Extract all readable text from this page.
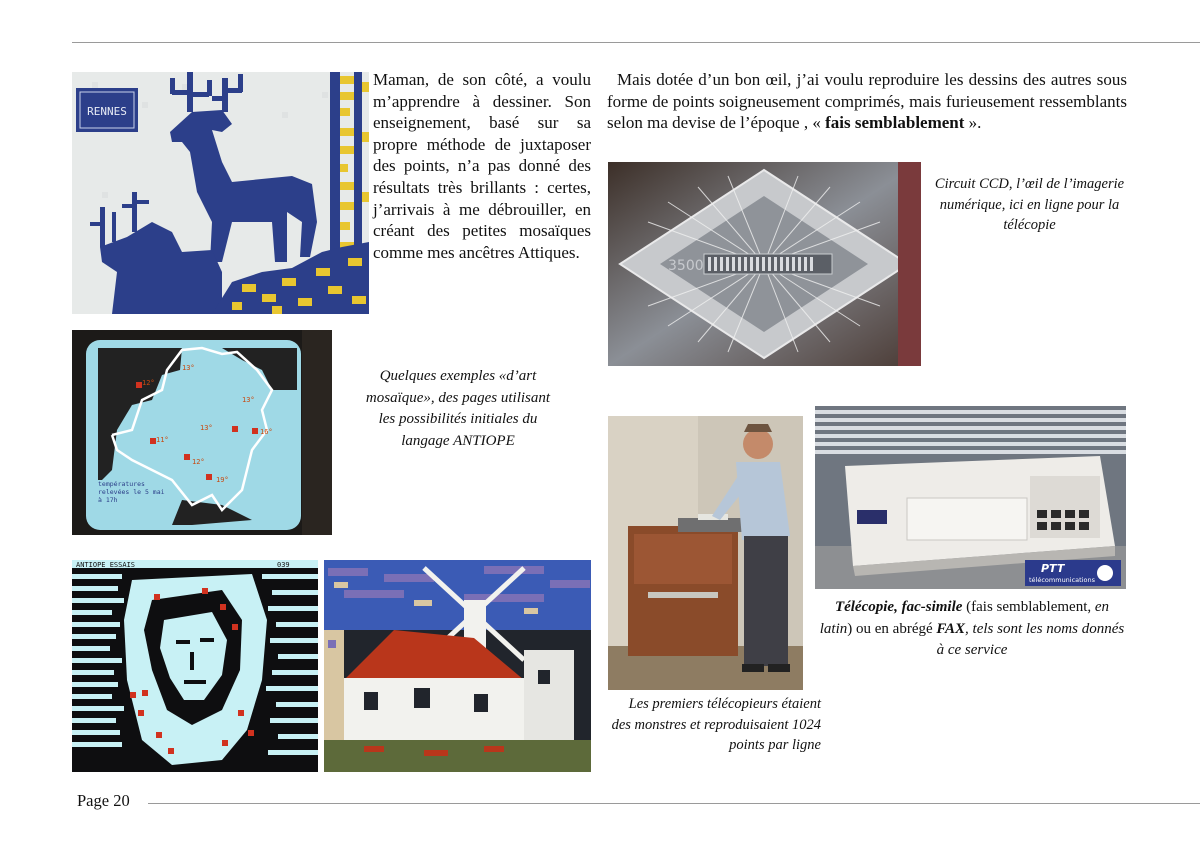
RENNES
Maman, de son côté, a voulu m’apprendre à dessiner. Son enseignement, basé sur sa propre méthode de juxtaposer des points, n’a pas donné des résultats très brillants : certes, j’arrivais à me débrouiller, en créant des petites mosaïques comme mes ancêtres Attiques.
12°
13°
13°
13°
11°
16°
12°
19°
températures
relevées le 5 mai
à 17h
Quelques exemples «d’art mosaïque», des pages utilisant les possibilités initiales du langage ANTIOPE
ANTIOPE ESSAIS	039
Mais dotée d’un bon œil, j’ai voulu reproduire les dessins des autres sous forme de points soigneusement comprimés, mais furieusement ressemblants selon ma devise de l’époque , « fais semblablement ».
3500
Circuit CCD, l’œil de l’imagerie numérique, ici en ligne pour la télécopie
Les premiers télécopieurs étaient des monstres et reproduisaient 1024 points par ligne
PTT
télécommunications
Télécopie, fac-simile (fais semblablement, en latin) ou en abrégé FAX, tels sont les noms donnés à ce service
Page 20
